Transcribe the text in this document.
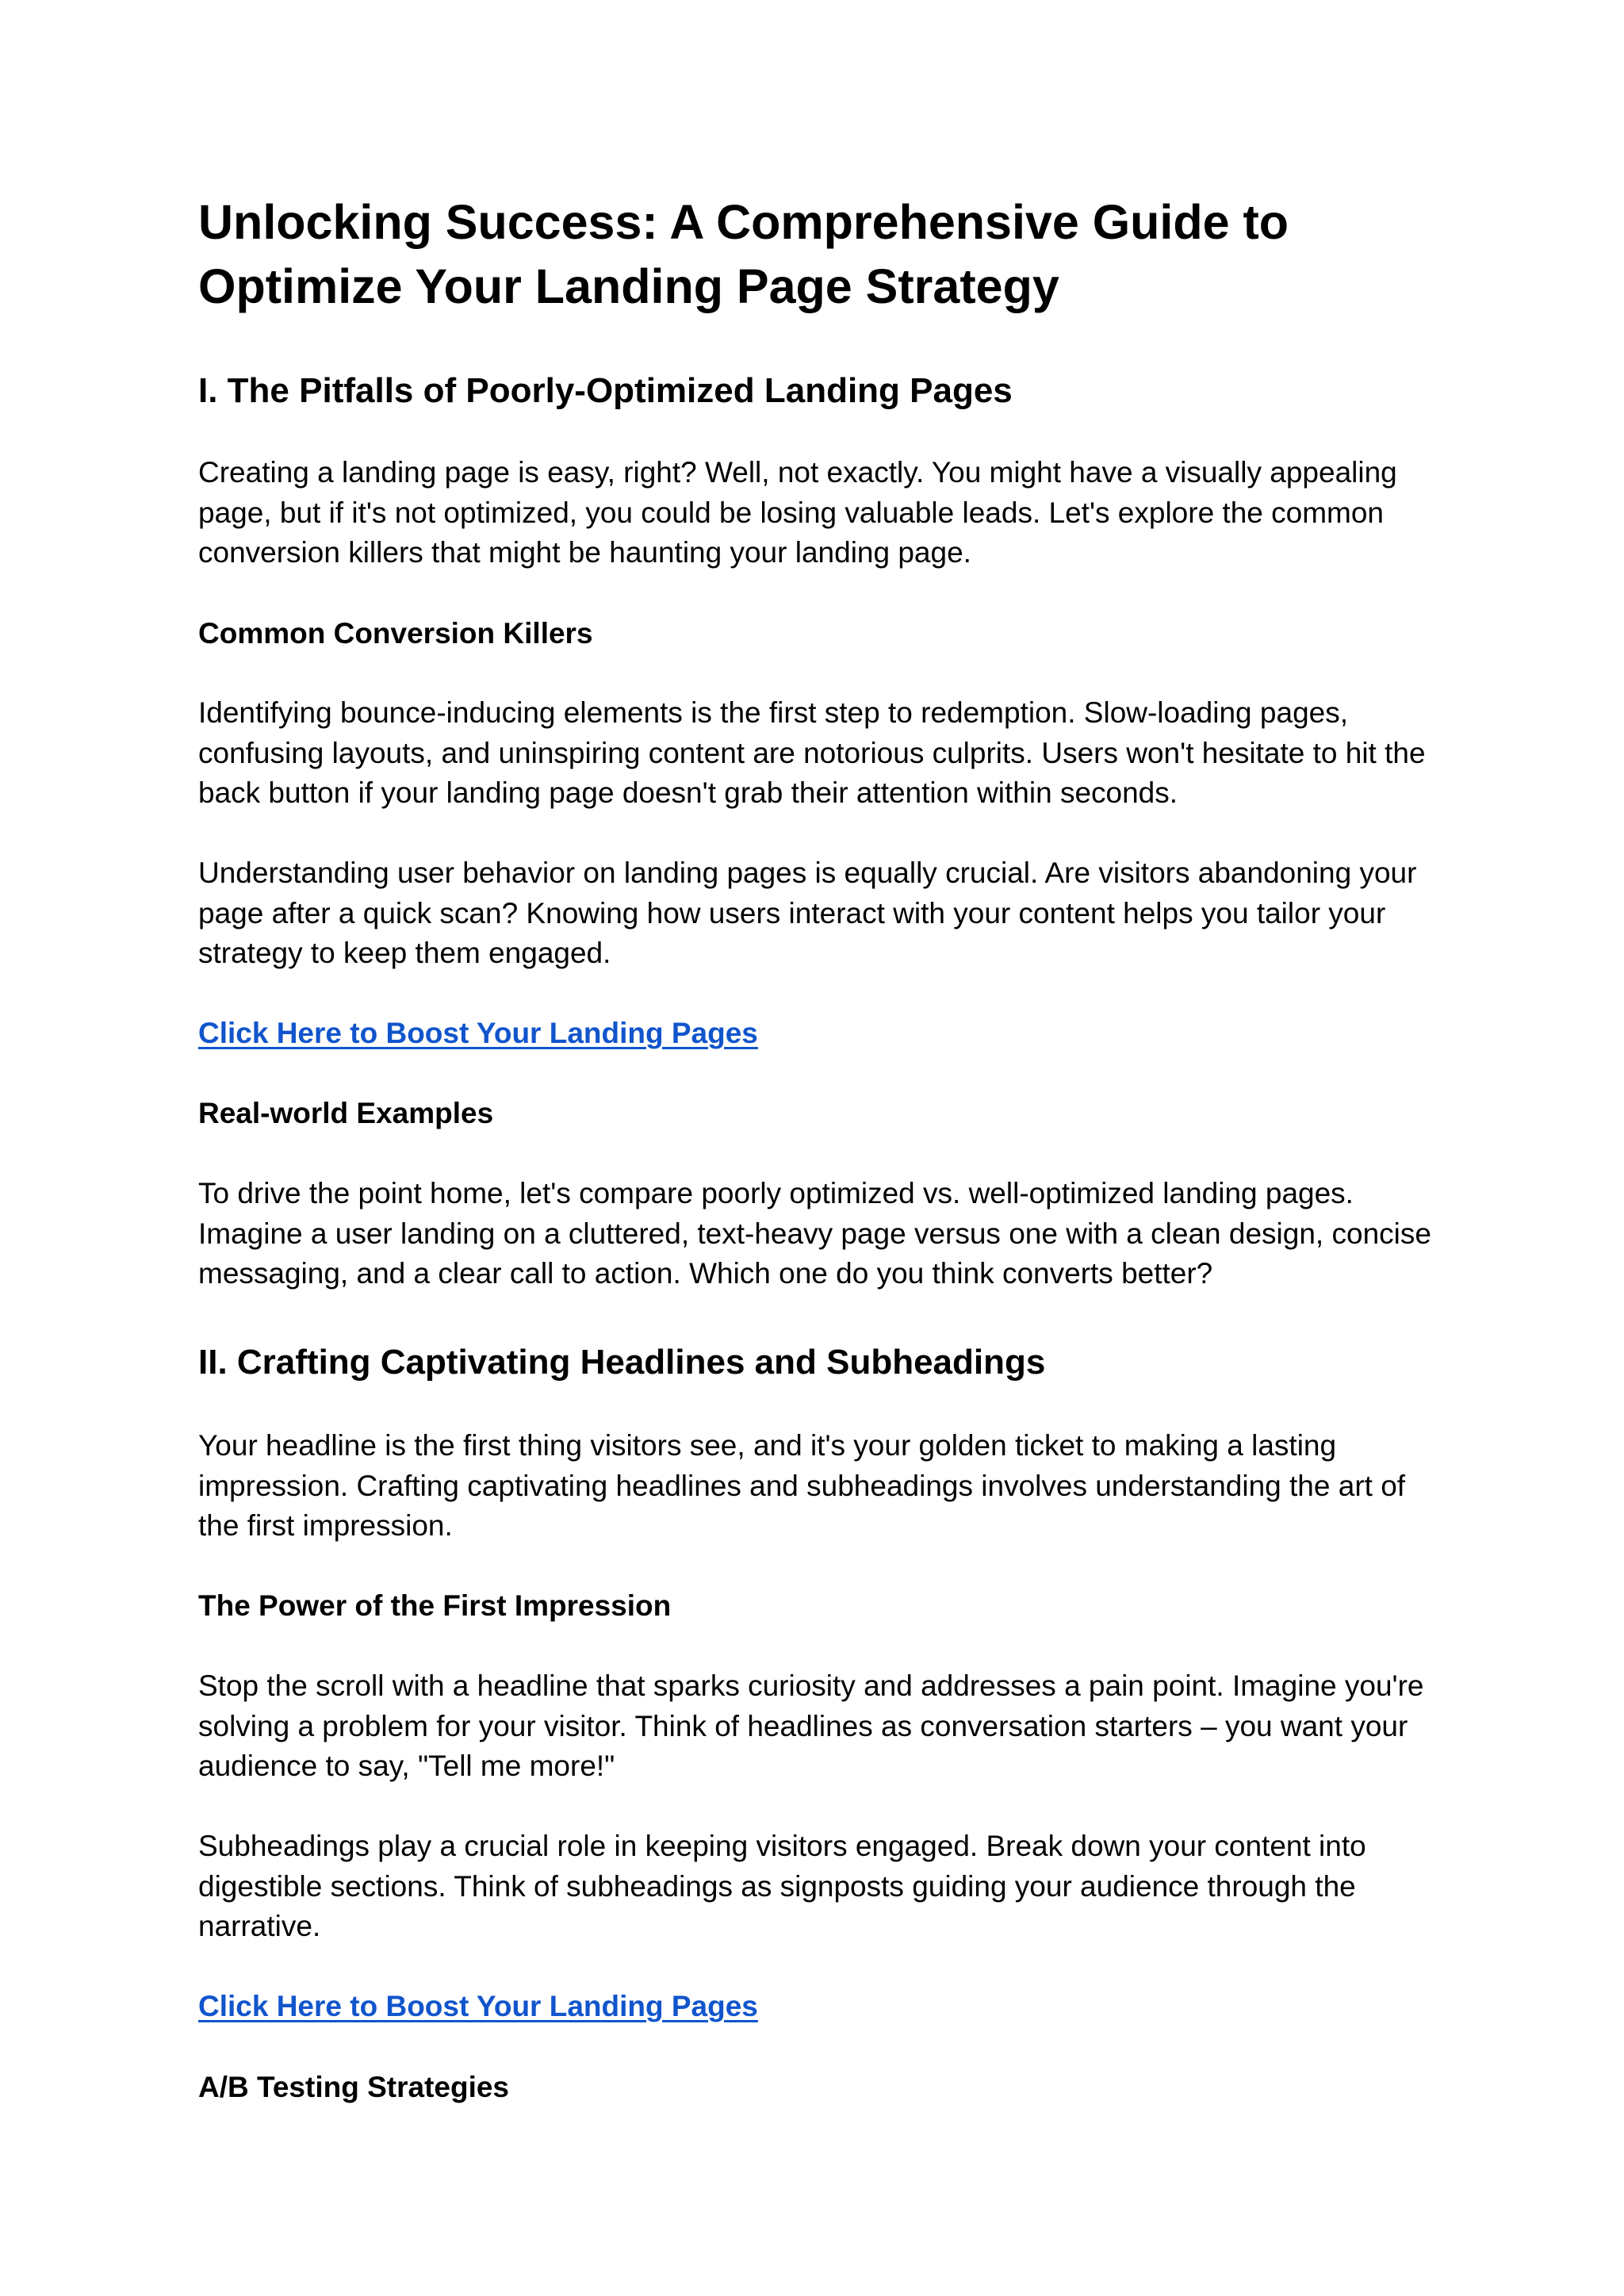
Unlocking Success: A Comprehensive Guide to Optimize Your Landing Page Strategy
I. The Pitfalls of Poorly-Optimized Landing Pages

Creating a landing page is easy, right? Well, not exactly. You might have a visually appealing page, but if it's not optimized, you could be losing valuable leads. Let's explore the common conversion killers that might be haunting your landing page.

Common Conversion Killers

Identifying bounce-inducing elements is the first step to redemption. Slow-loading pages, confusing layouts, and uninspiring content are notorious culprits. Users won't hesitate to hit the back button if your landing page doesn't grab their attention within seconds.

Understanding user behavior on landing pages is equally crucial. Are visitors abandoning your page after a quick scan? Knowing how users interact with your content helps you tailor your strategy to keep them engaged.

Click Here to Boost Your Landing Pages
Real-world Examples

To drive the point home, let's compare poorly optimized vs. well-optimized landing pages. Imagine a user landing on a cluttered, text-heavy page versus one with a clean design, concise messaging, and a clear call to action. Which one do you think converts better?

II. Crafting Captivating Headlines and Subheadings

Your headline is the first thing visitors see, and it's your golden ticket to making a lasting impression. Crafting captivating headlines and subheadings involves understanding the art of the first impression.

The Power of the First Impression

Stop the scroll with a headline that sparks curiosity and addresses a pain point. Imagine you're solving a problem for your visitor. Think of headlines as conversation starters – you want your audience to say, "Tell me more!"

Subheadings play a crucial role in keeping visitors engaged. Break down your content into digestible sections. Think of subheadings as signposts guiding your audience through the narrative.

Click Here to Boost Your Landing Pages
A/B Testing Strategies
